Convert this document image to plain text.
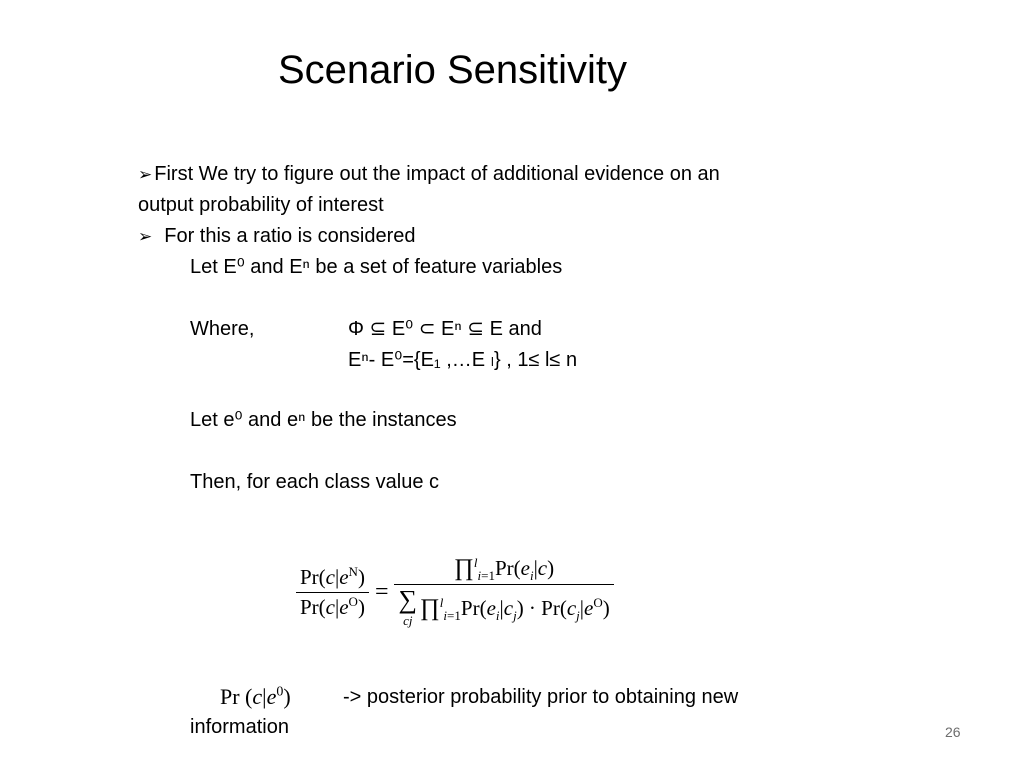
Scenario Sensitivity
➢ First We try to figure out the impact of additional evidence on an
output probability of interest
➢ For this a ratio is considered
Let E⁰ and Eⁿ be a set of feature variables
Where,	Φ ⊆ E⁰ ⊂ Eⁿ ⊆ E and
Eⁿ- E⁰={E₁ ,…E ₗ} , 1≤ l≤ n
Let e⁰ and eⁿ be the instances
Then, for each class value c
$\frac{Pr(c|e^N)}{Pr(c|e^O)}$ = $\prod^l_{i=1}Pr(e_i|c)$
∑
cj $\prod^l_{i=1}Pr(e_i|c_j) \cdot Pr(c_j|e^O)$
Pr $(c|e^0)$	-> posterior probability prior to obtaining new
information	26
